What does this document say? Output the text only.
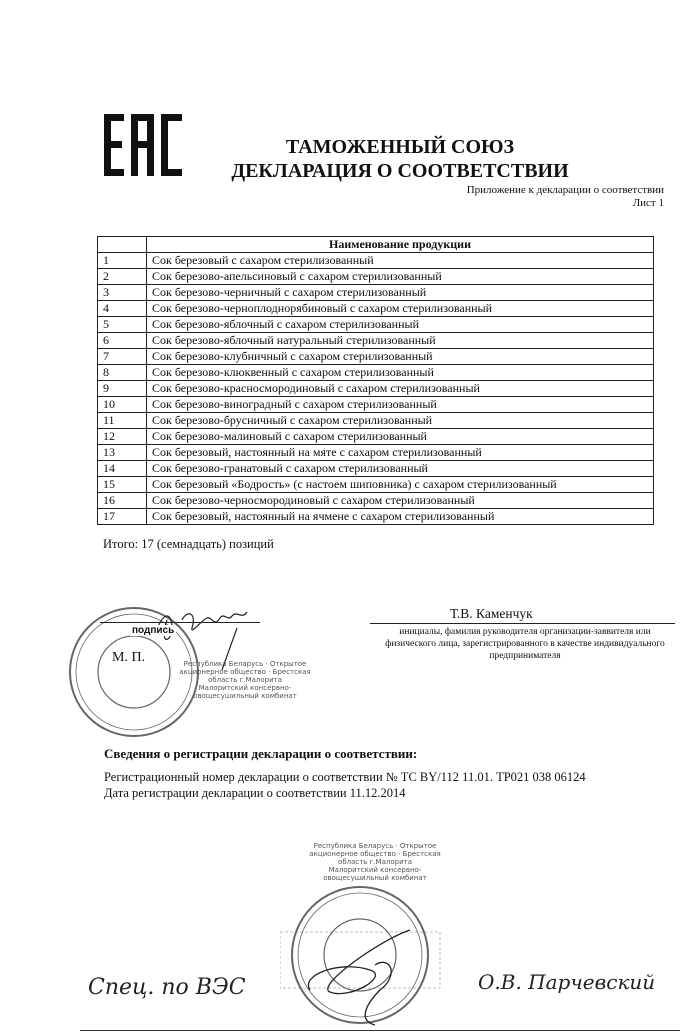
ТАМОЖЕННЫЙ СОЮЗ
ДЕКЛАРАЦИЯ О СООТВЕТСТВИИ
Приложение к декларации о соответствии
Лист 1
	Наименование продукции
1	Сок березовый с сахаром стерилизованный
2	Сок березово-апельсиновый с сахаром стерилизованный
3	Сок березово-черничный с сахаром стерилизованный
4	Сок березово-черноплоднорябиновый с сахаром стерилизованный
5	Сок березово-яблочный с сахаром стерилизованный
6	Сок березово-яблочный натуральный стерилизованный
7	Сок березово-клубничный с сахаром стерилизованный
8	Сок березово-клюквенный с сахаром стерилизованный
9	Сок березово-красносмородиновый с сахаром стерилизованный
10	Сок березово-виноградный с сахаром стерилизованный
11	Сок березово-брусничный с сахаром стерилизованный
12	Сок березово-малиновый с сахаром стерилизованный
13	Сок березовый, настоянный на мяте с сахаром стерилизованный
14	Сок березово-гранатовый с сахаром стерилизованный
15	Сок березовый «Бодрость» (с настоем шиповника) с сахаром стерилизованный
16	Сок березово-черносмородиновый с сахаром стерилизованный
17	Сок березовый, настоянный на ячмене с сахаром стерилизованный
Итого: 17 (семнадцать) позиций
подпись
М. П.	Республика Беларусь · Открытое акционерное общество · Брестская область г.Малорита
Малоритский консервно-овощесушильный комбинат
Т.В. Каменчук
инициалы, фамилия руководителя организации-заявителя или физического лица, зарегистрированного в качестве индивидуального предпринимателя
Сведения о регистрации декларации о соответствии:
Регистрационный номер декларации о соответствии № ТС BY/112 11.01. ТР021 038 06124
Дата регистрации декларации о соответствии 11.12.2014
Республика Беларусь · Открытое акционерное общество · Брестская область г.Малорита
Малоритский консервно-овощесушильный комбинат
Спец. по ВЭС	О.В. Парчевский
